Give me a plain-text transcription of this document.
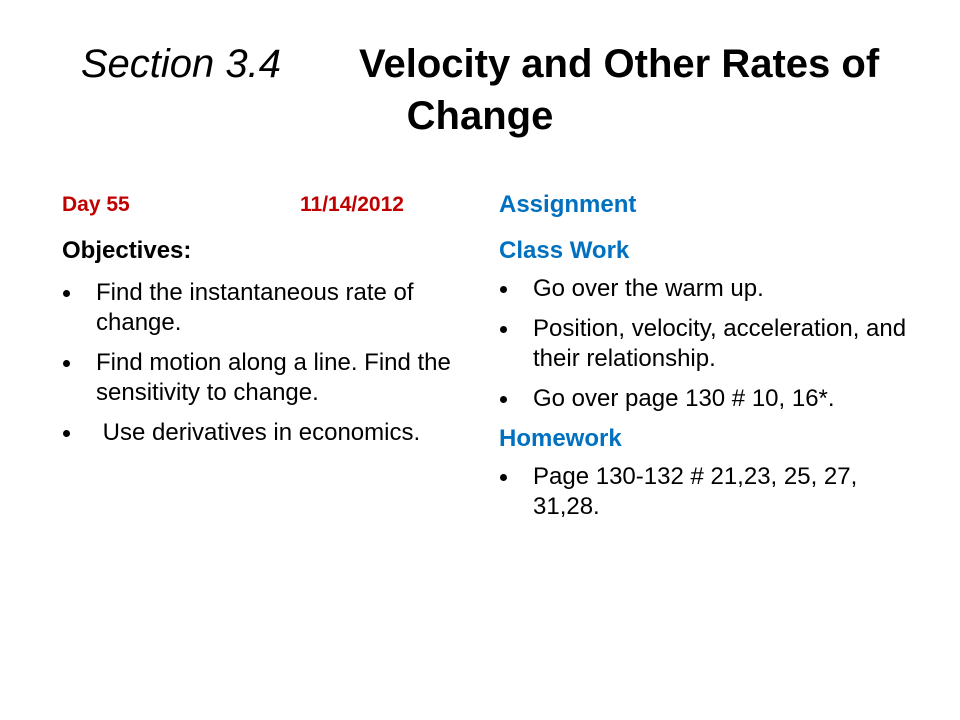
Section 3.4 Velocity and Other Rates of Change
Day 55	11/14/2012
Objectives:
Find the instantaneous rate of change.
Find motion along a line. Find the sensitivity to change.
Use derivatives in economics.
Assignment
Class Work
Go over the warm up.
Position, velocity, acceleration, and their relationship.
Go over page 130 # 10, 16*.
Homework
Page 130-132 # 21,23, 25, 27, 31,28.
